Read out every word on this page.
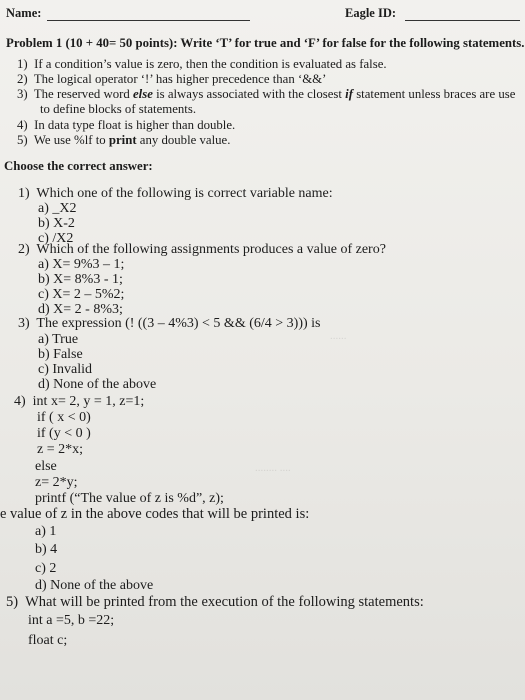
......
........ ....
Name:	Eagle ID:
Problem 1 (10 + 40= 50 points): Write ‘T’ for true and ‘F’ for false for the following statements.
1) If a condition’s value is zero, then the condition is evaluated as false.
2) The logical operator ‘!’ has higher precedence than ‘&&’
3) The reserved word else is always associated with the closest if statement unless braces are use
to define blocks of statements.
4) In data type float is higher than double.
5) We use %lf to print any double value.
Choose the correct answer:
1) Which one of the following is correct variable name:
a) _X2
b) X-2
c) /X2
2) Which of the following assignments produces a value of zero?
a) X= 9%3 – 1;
b) X= 8%3 - 1;
c) X= 2 – 5%2;
d) X= 2 - 8%3;
3) The expression (! ((3 – 4%3) < 5 && (6/4 > 3))) is
a) True
b) False
c) Invalid
d) None of the above
4) int x= 2, y = 1, z=1;
if ( x < 0)
if (y < 0 )
z = 2*x;
else
z= 2*y;
printf (“The value of z is %d”, z);
e value of z in the above codes that will be printed is:
a) 1
b) 4
c) 2
d) None of the above
5) What will be printed from the execution of the following statements:
int a =5, b =22;
float c;
